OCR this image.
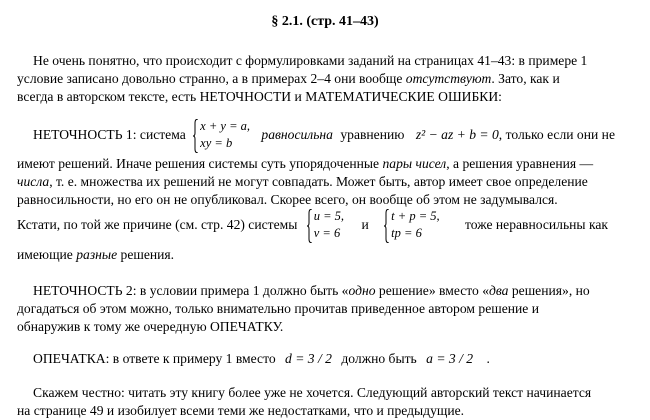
§ 2.1. (стр. 41–43)
Не очень понятно, что происходит с формулировками заданий на страницах 41–43: в примере 1
условие записано довольно странно, а в примерах 2–4 они вообще отсутствуют. Зато, как и
всегда в авторском тексте, есть НЕТОЧНОСТИ и МАТЕМАТИЧЕСКИЕ ОШИБКИ:
НЕТОЧНОСТЬ 1: система
x + y = a,
xy = b
равносильна уравнению z² − az + b = 0, только если они не
имеют решений. Иначе решения системы суть упорядоченные пары чисел, а решения уравнения —
числа, т. е. множества их решений не могут совпадать. Может быть, автор имеет свое определение
равносильности, но его он не опубликовал. Скорее всего, он вообще об этом не задумывался.
Кстати, по той же причине (см. стр. 42) системы
u = 5,
v = 6
и
t + p = 5,
tp = 6
тоже неравносильны как
имеющие разные решения.
НЕТОЧНОСТЬ 2: в условии примера 1 должно быть «одно решение» вместо «два решения», но
догадаться об этом можно, только внимательно прочитав приведенное автором решение и
обнаружив к тому же очередную ОПЕЧАТКУ.
ОПЕЧАТКА: в ответе к примеру 1 вместо d = 3 / 2 должно быть a = 3 / 2 .
Скажем честно: читать эту книгу более уже не хочется. Следующий авторский текст начинается
на странице 49 и изобилует всеми теми же недостатками, что и предыдущие.
